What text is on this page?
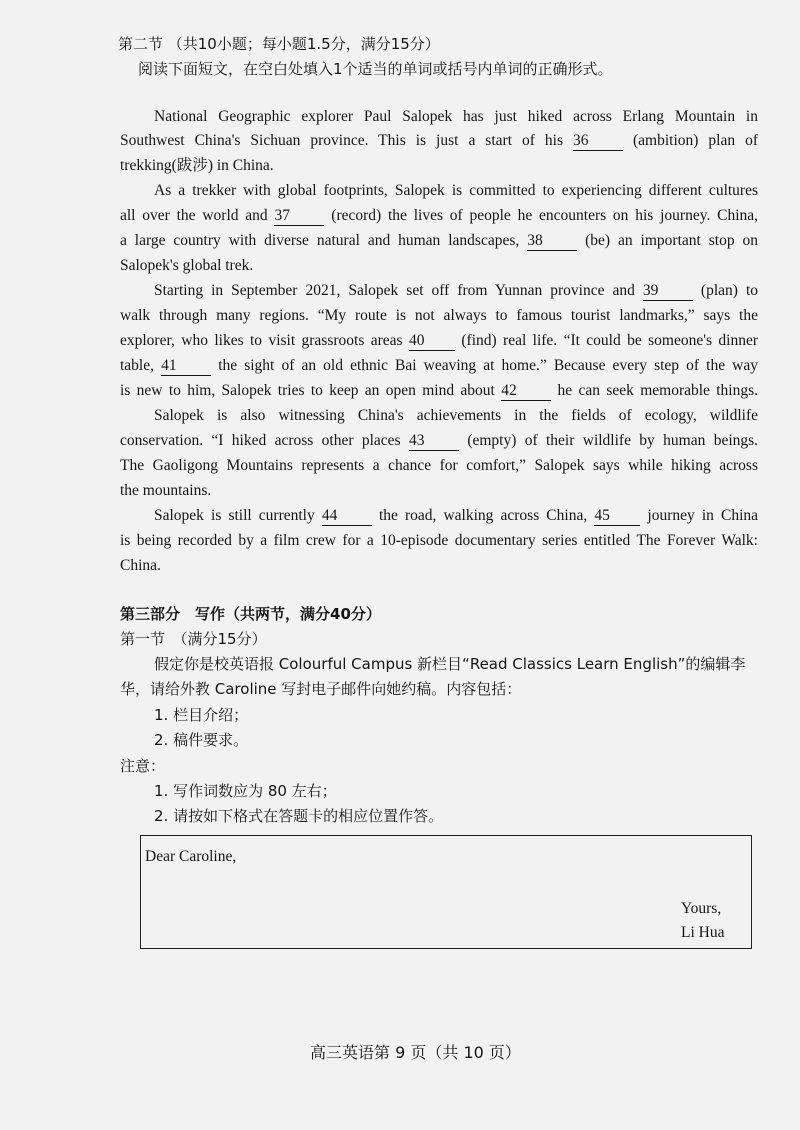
第二节 （共10小题；每小题1.5分，满分15分）
阅读下面短文，在空白处填入1个适当的单词或括号内单词的正确形式。
National Geographic explorer Paul Salopek has just hiked across Erlang Mountain in
Southwest China's Sichuan province. This is just a start of his 36	(ambition) plan of
trekking(跋涉) in China.
As a trekker with global footprints, Salopek is committed to experiencing different cultures
all over the world and 37	(record) the lives of people he encounters on his journey. China,
a large country with diverse natural and human landscapes, 38	(be) an important stop on
Salopek's global trek.
Starting in September 2021, Salopek set off from Yunnan province and 39	(plan) to
walk through many regions. “My route is not always to famous tourist landmarks,” says the
explorer, who likes to visit grassroots areas 40 (find) real life. “It could be someone's dinner
table, 41	the sight of an old ethnic Bai weaving at home.” Because every step of the way
is new to him, Salopek tries to keep an open mind about 42	he can seek memorable things.
Salopek is also witnessing China's achievements in the fields of ecology, wildlife
conservation. “I hiked across other places 43	(empty) of their wildlife by human beings.
The Gaoligong Mountains represents a chance for comfort,” Salopek says while hiking across
the mountains.
Salopek is still currently 44	the road, walking across China, 45 journey in China
is being recorded by a film crew for a 10-episode documentary series entitled The Forever Walk:
China.
第三部分　写作（共两节，满分40分）
第一节　（满分15分）
假定你是校英语报 Colourful Campus 新栏目“Read Classics Learn English”的编辑李
华，请给外教 Caroline 写封电子邮件向她约稿。内容包括：
1. 栏目介绍；
2. 稿件要求。
注意：
1. 写作词数应为 80 左右；
2. 请按如下格式在答题卡的相应位置作答。
Dear Caroline,
Yours,
Li Hua
高三英语第 9 页（共 10 页）
